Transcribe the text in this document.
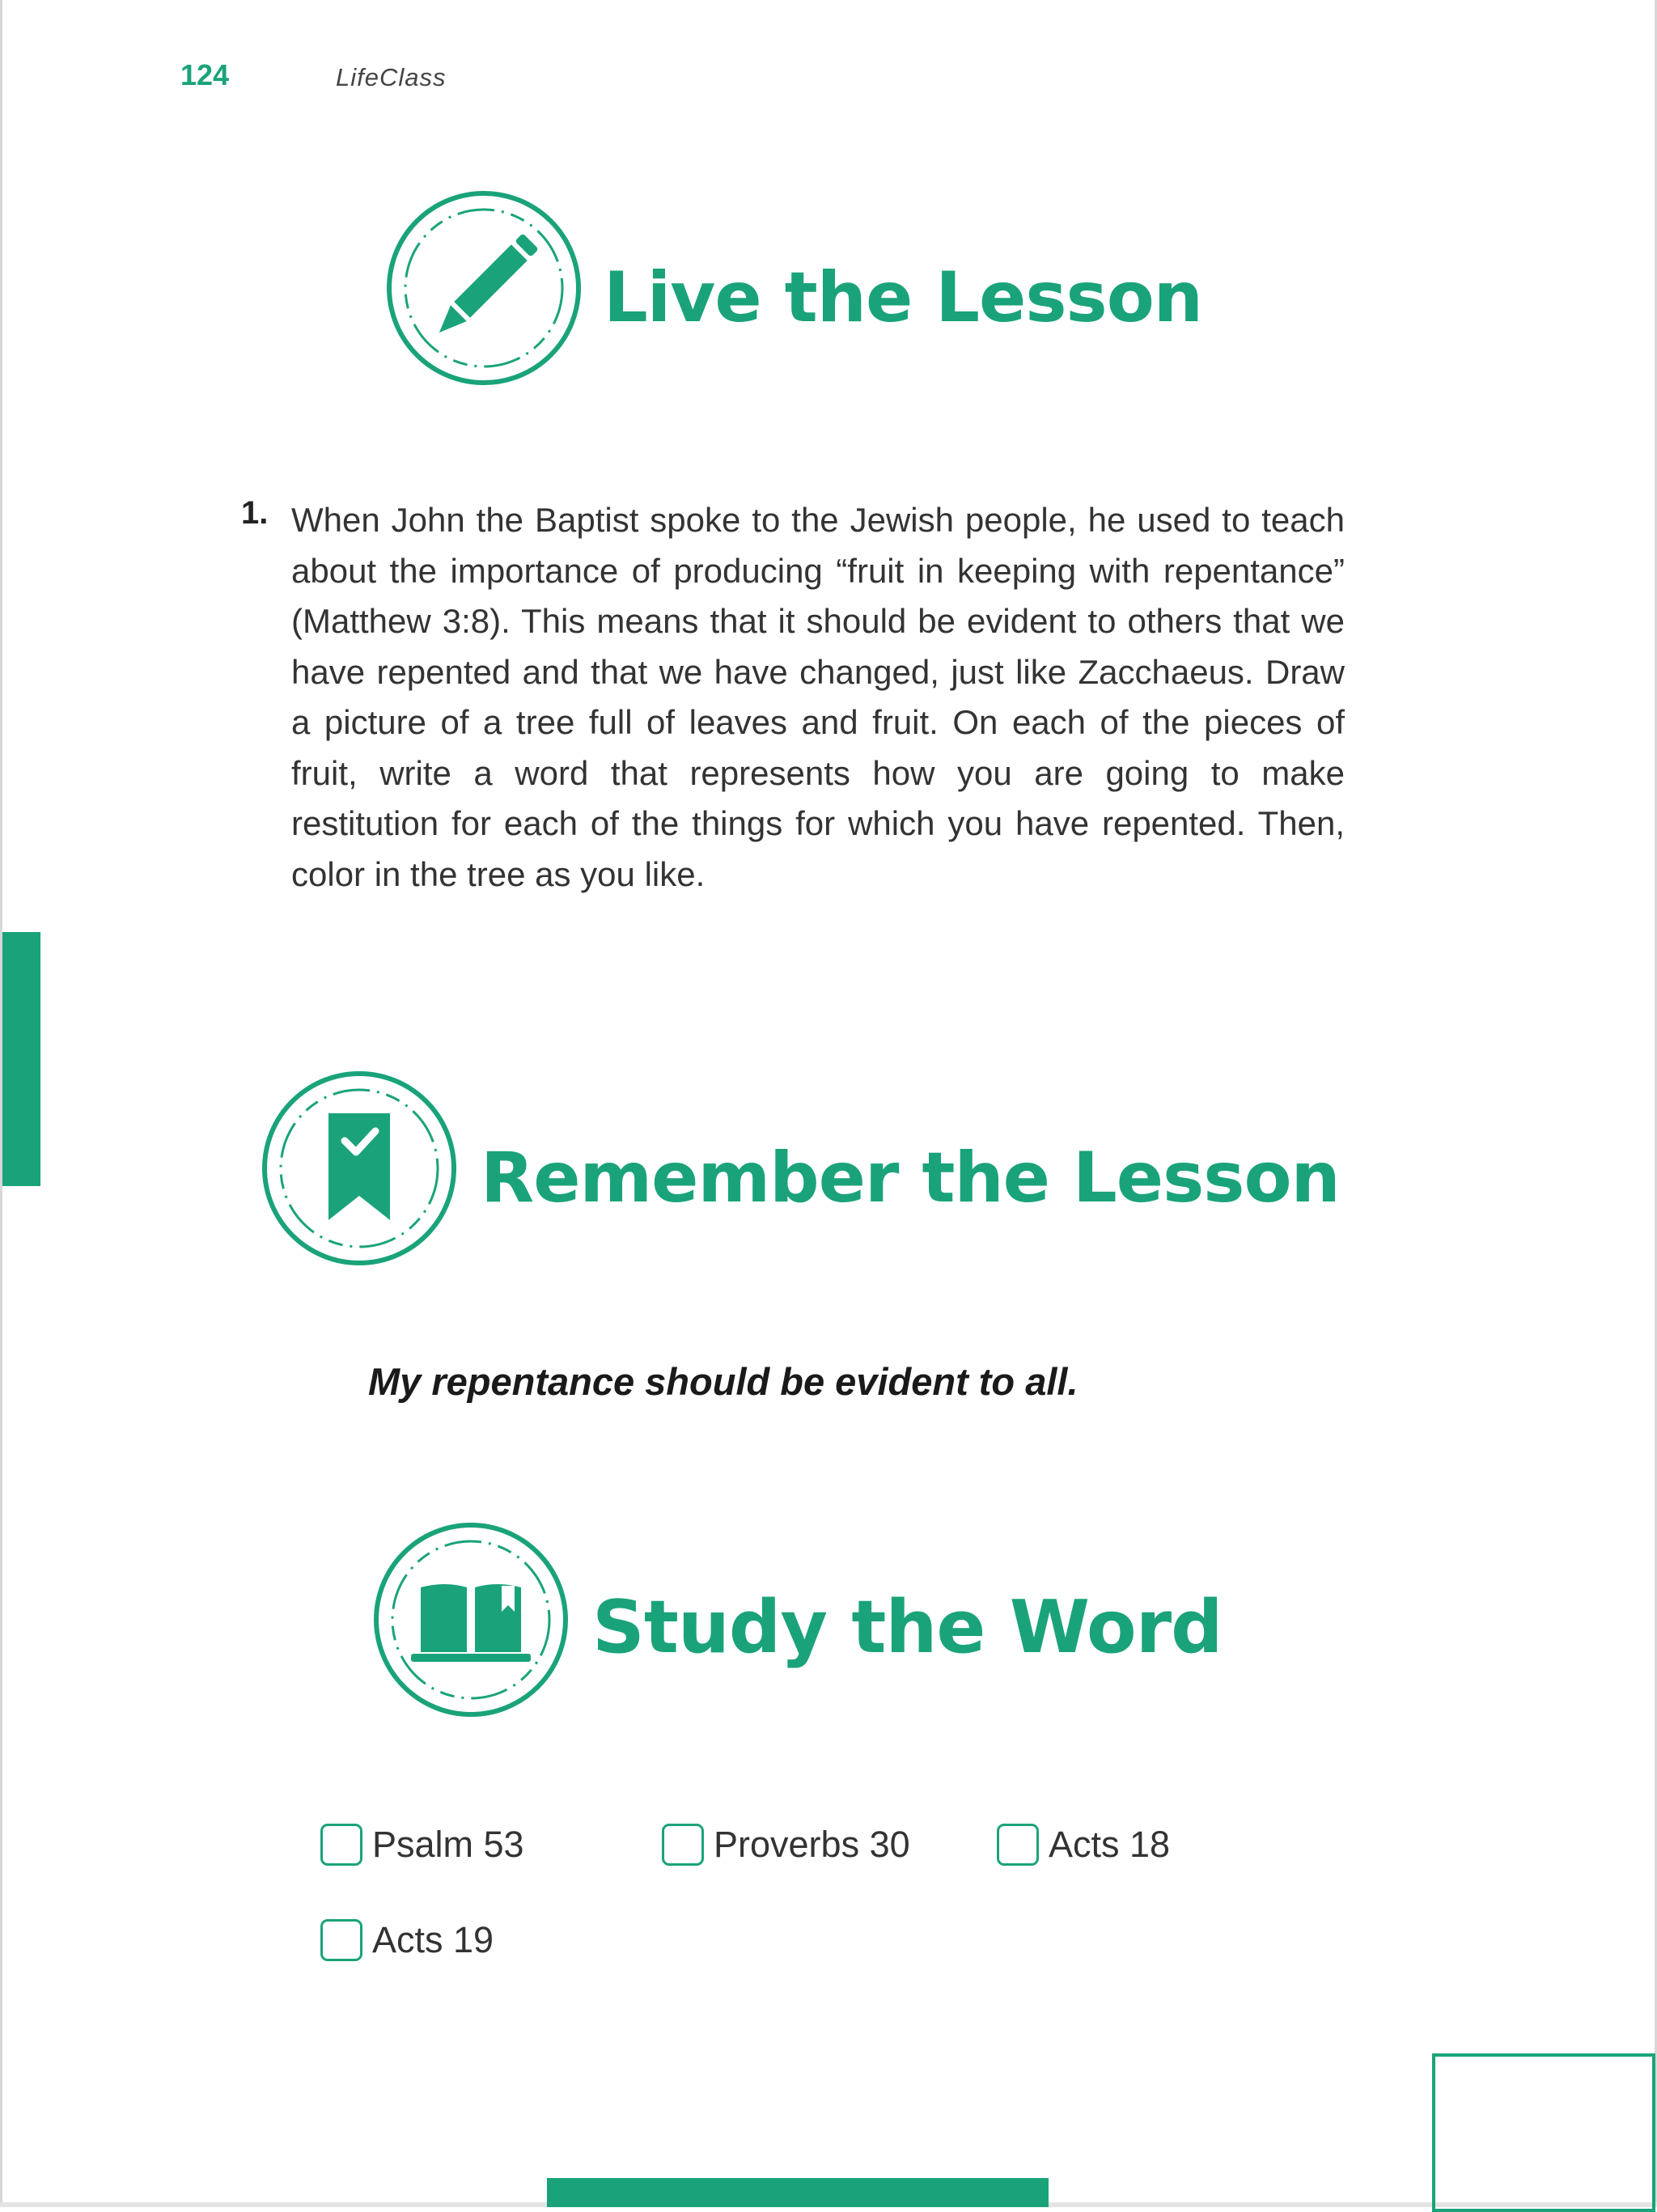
124	LifeClass
Live the Lesson
1. When John the Baptist spoke to the Jewish people, he used to teach about the importance of producing “fruit in keeping with repentance” (Matthew 3:8). This means that it should be evident to others that we have repented and that we have changed, just like Zacchaeus. Draw a picture of a tree full of leaves and fruit. On each of the pieces of fruit, write a word that represents how you are going to make restitution for each of the things for which you have repented. Then, color in the tree as you like.

Remember the Lesson

My repentance should be evident to all.

Study the Word
Psalm 53	Proverbs 30	Acts 18
Acts 19
